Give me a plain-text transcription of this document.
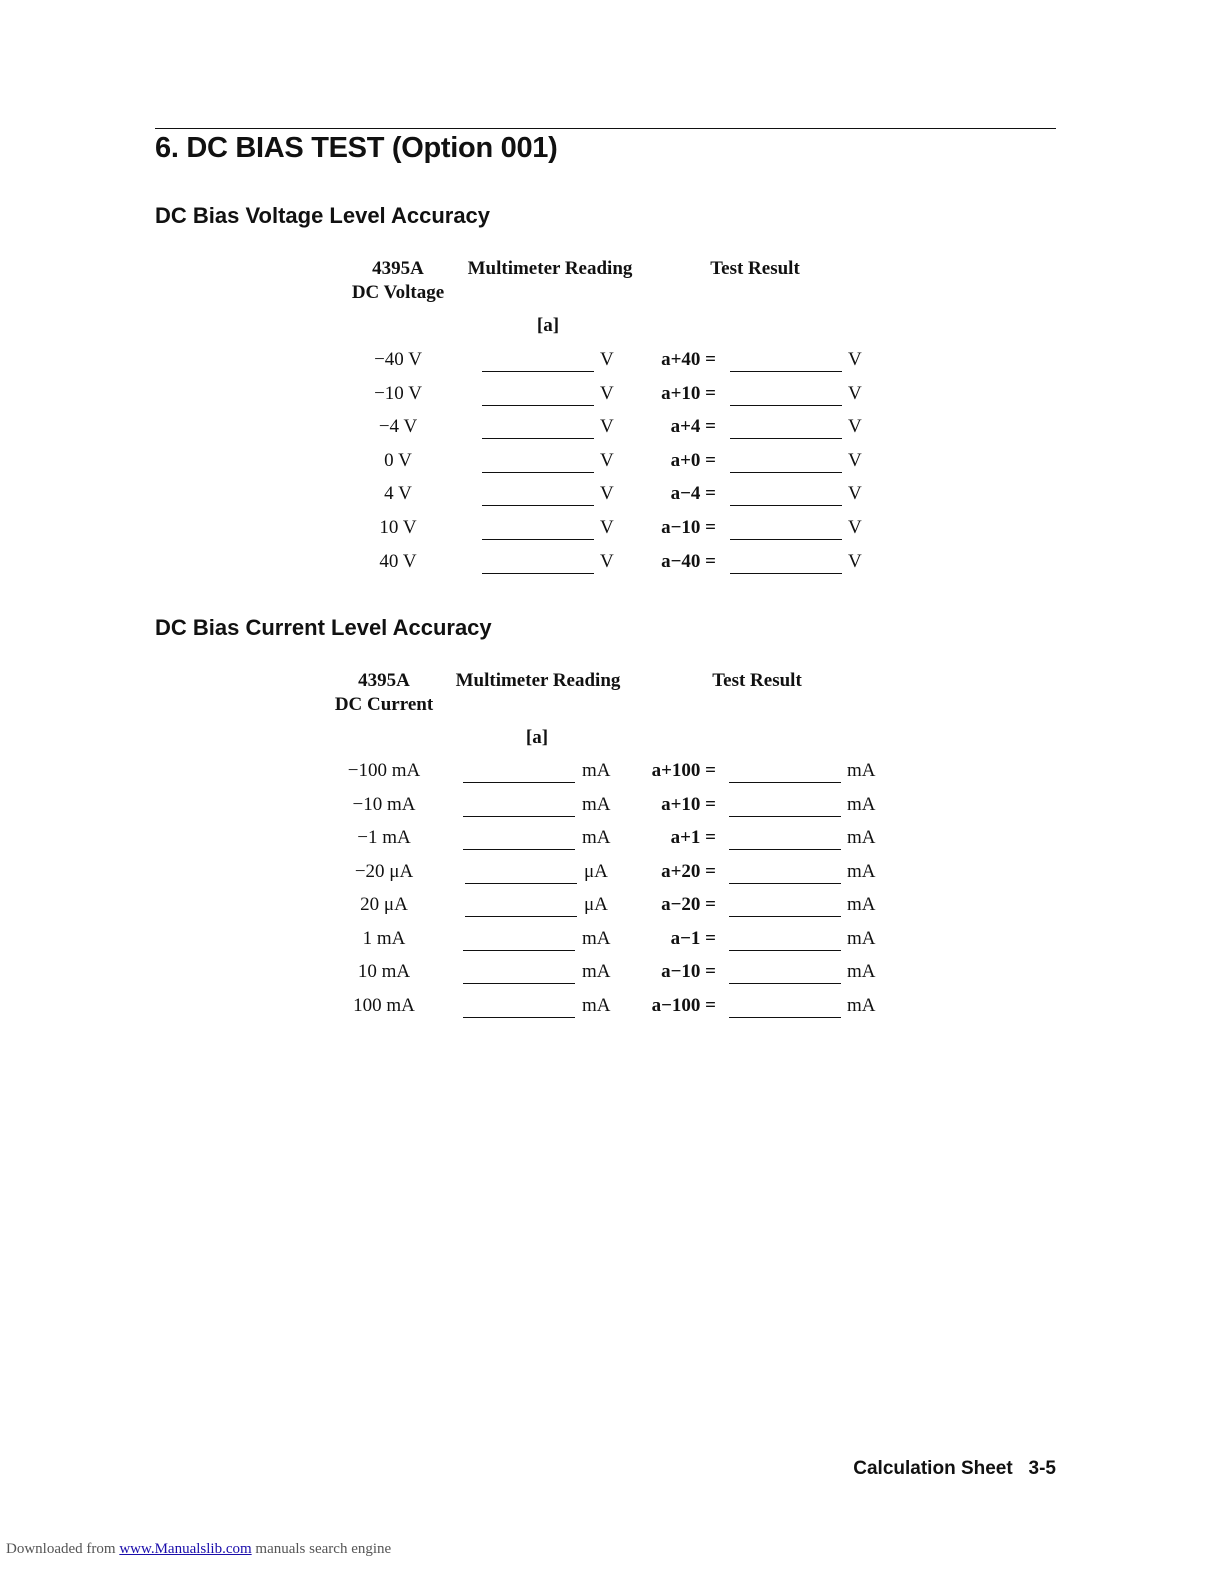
6. DC BIAS TEST (Option 001)
DC Bias Voltage Level Accuracy
4395A
DC Voltage
Multimeter Reading	Test Result
[a]
−40 V	V a+40 =	V
−10 V	V a+10 =	V
−4 V	V	a+4 =	V
0 V	V	a+0 =	V
4 V	V	a−4 =	V
10 V	V a−10 =	V
40 V	V a−40 =	V
DC Bias Current Level Accuracy
4395A
DC Current
Multimeter Reading	Test Result
[a]
−100 mA	mA a+100 =	mA
−10 mA	mA	a+10 =	mA
−1 mA	mA	a+1 =	mA
−20 μA	μA	a+20 =	mA
20 μA	μA	a−20 =	mA
1 mA	mA	a−1 =	mA
10 mA	mA	a−10 =	mA
100 mA	mA a−100 =	mA
Calculation Sheet   3-5
Downloaded from www.Manualslib.com manuals search engine
